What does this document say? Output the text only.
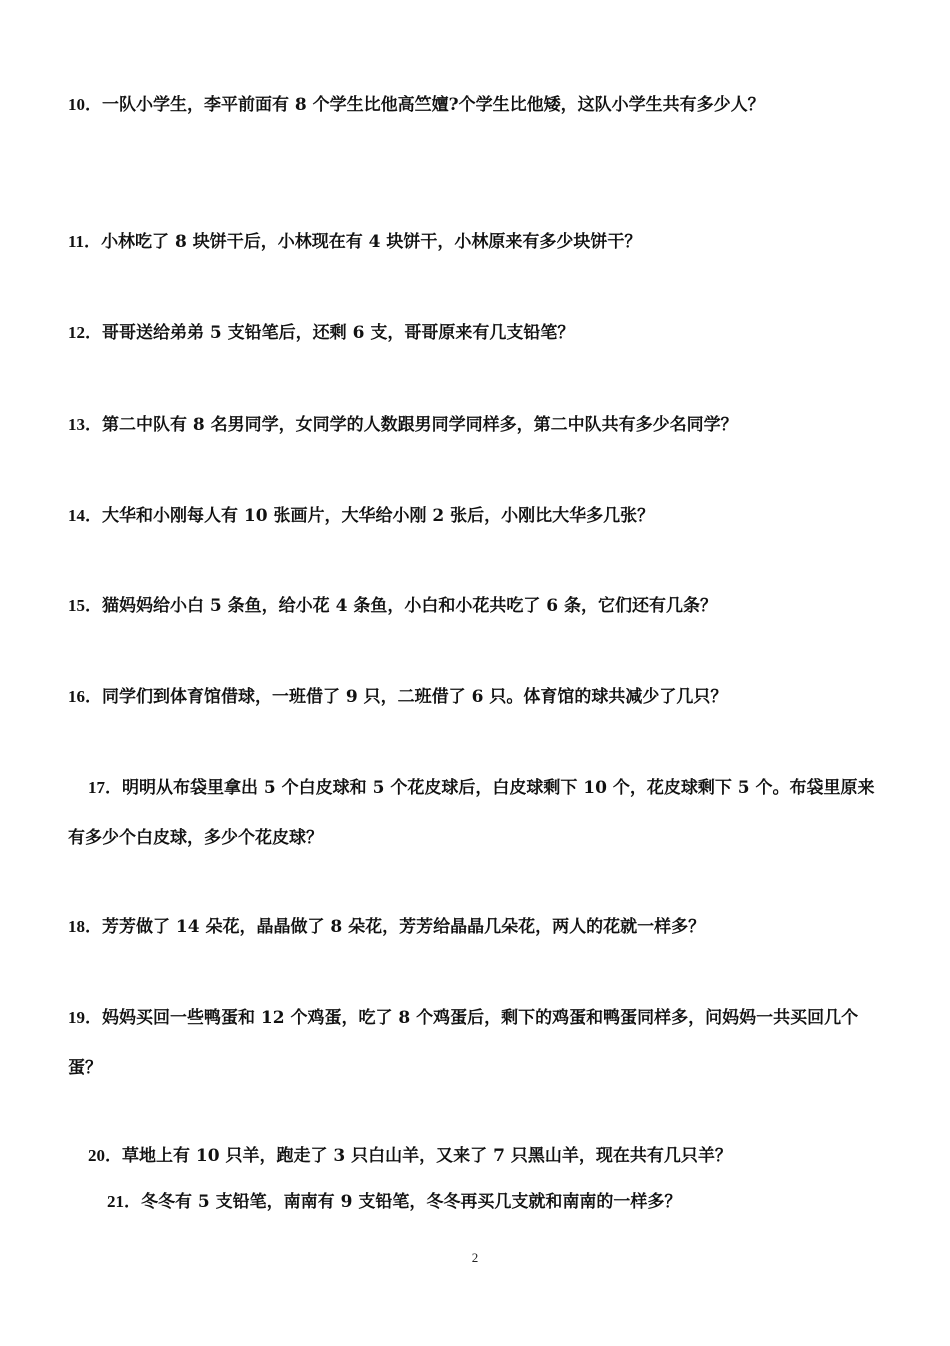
10．一队小学生，李平前面有 8 个学生比他高竺嬗?个学生比他矮，这队小学生共有多少人？

11．小林吃了 8 块饼干后，小林现在有 4 块饼干，小林原来有多少块饼干？

12．哥哥送给弟弟 5 支铅笔后，还剩 6 支，哥哥原来有几支铅笔？

13．第二中队有 8 名男同学，女同学的人数跟男同学同样多，第二中队共有多少名同学？

14．大华和小刚每人有 10 张画片，大华给小刚 2 张后，小刚比大华多几张？

15．猫妈妈给小白 5 条鱼，给小花 4 条鱼，小白和小花共吃了 6 条，它们还有几条？

16．同学们到体育馆借球，一班借了 9 只，二班借了 6 只。体育馆的球共减少了几只？

17．明明从布袋里拿出 5 个白皮球和 5 个花皮球后，白皮球剩下 10 个，花皮球剩下 5 个。布袋里原来有多少个白皮球，多少个花皮球？

18．芳芳做了 14 朵花，晶晶做了 8 朵花，芳芳给晶晶几朵花，两人的花就一样多？

19．妈妈买回一些鸭蛋和 12 个鸡蛋，吃了 8 个鸡蛋后，剩下的鸡蛋和鸭蛋同样多，问妈妈一共买回几个蛋？

20．草地上有 10 只羊，跑走了 3 只白山羊，又来了 7 只黑山羊，现在共有几只羊？

21．冬冬有 5 支铅笔，南南有 9 支铅笔，冬冬再买几支就和南南的一样多？

2
